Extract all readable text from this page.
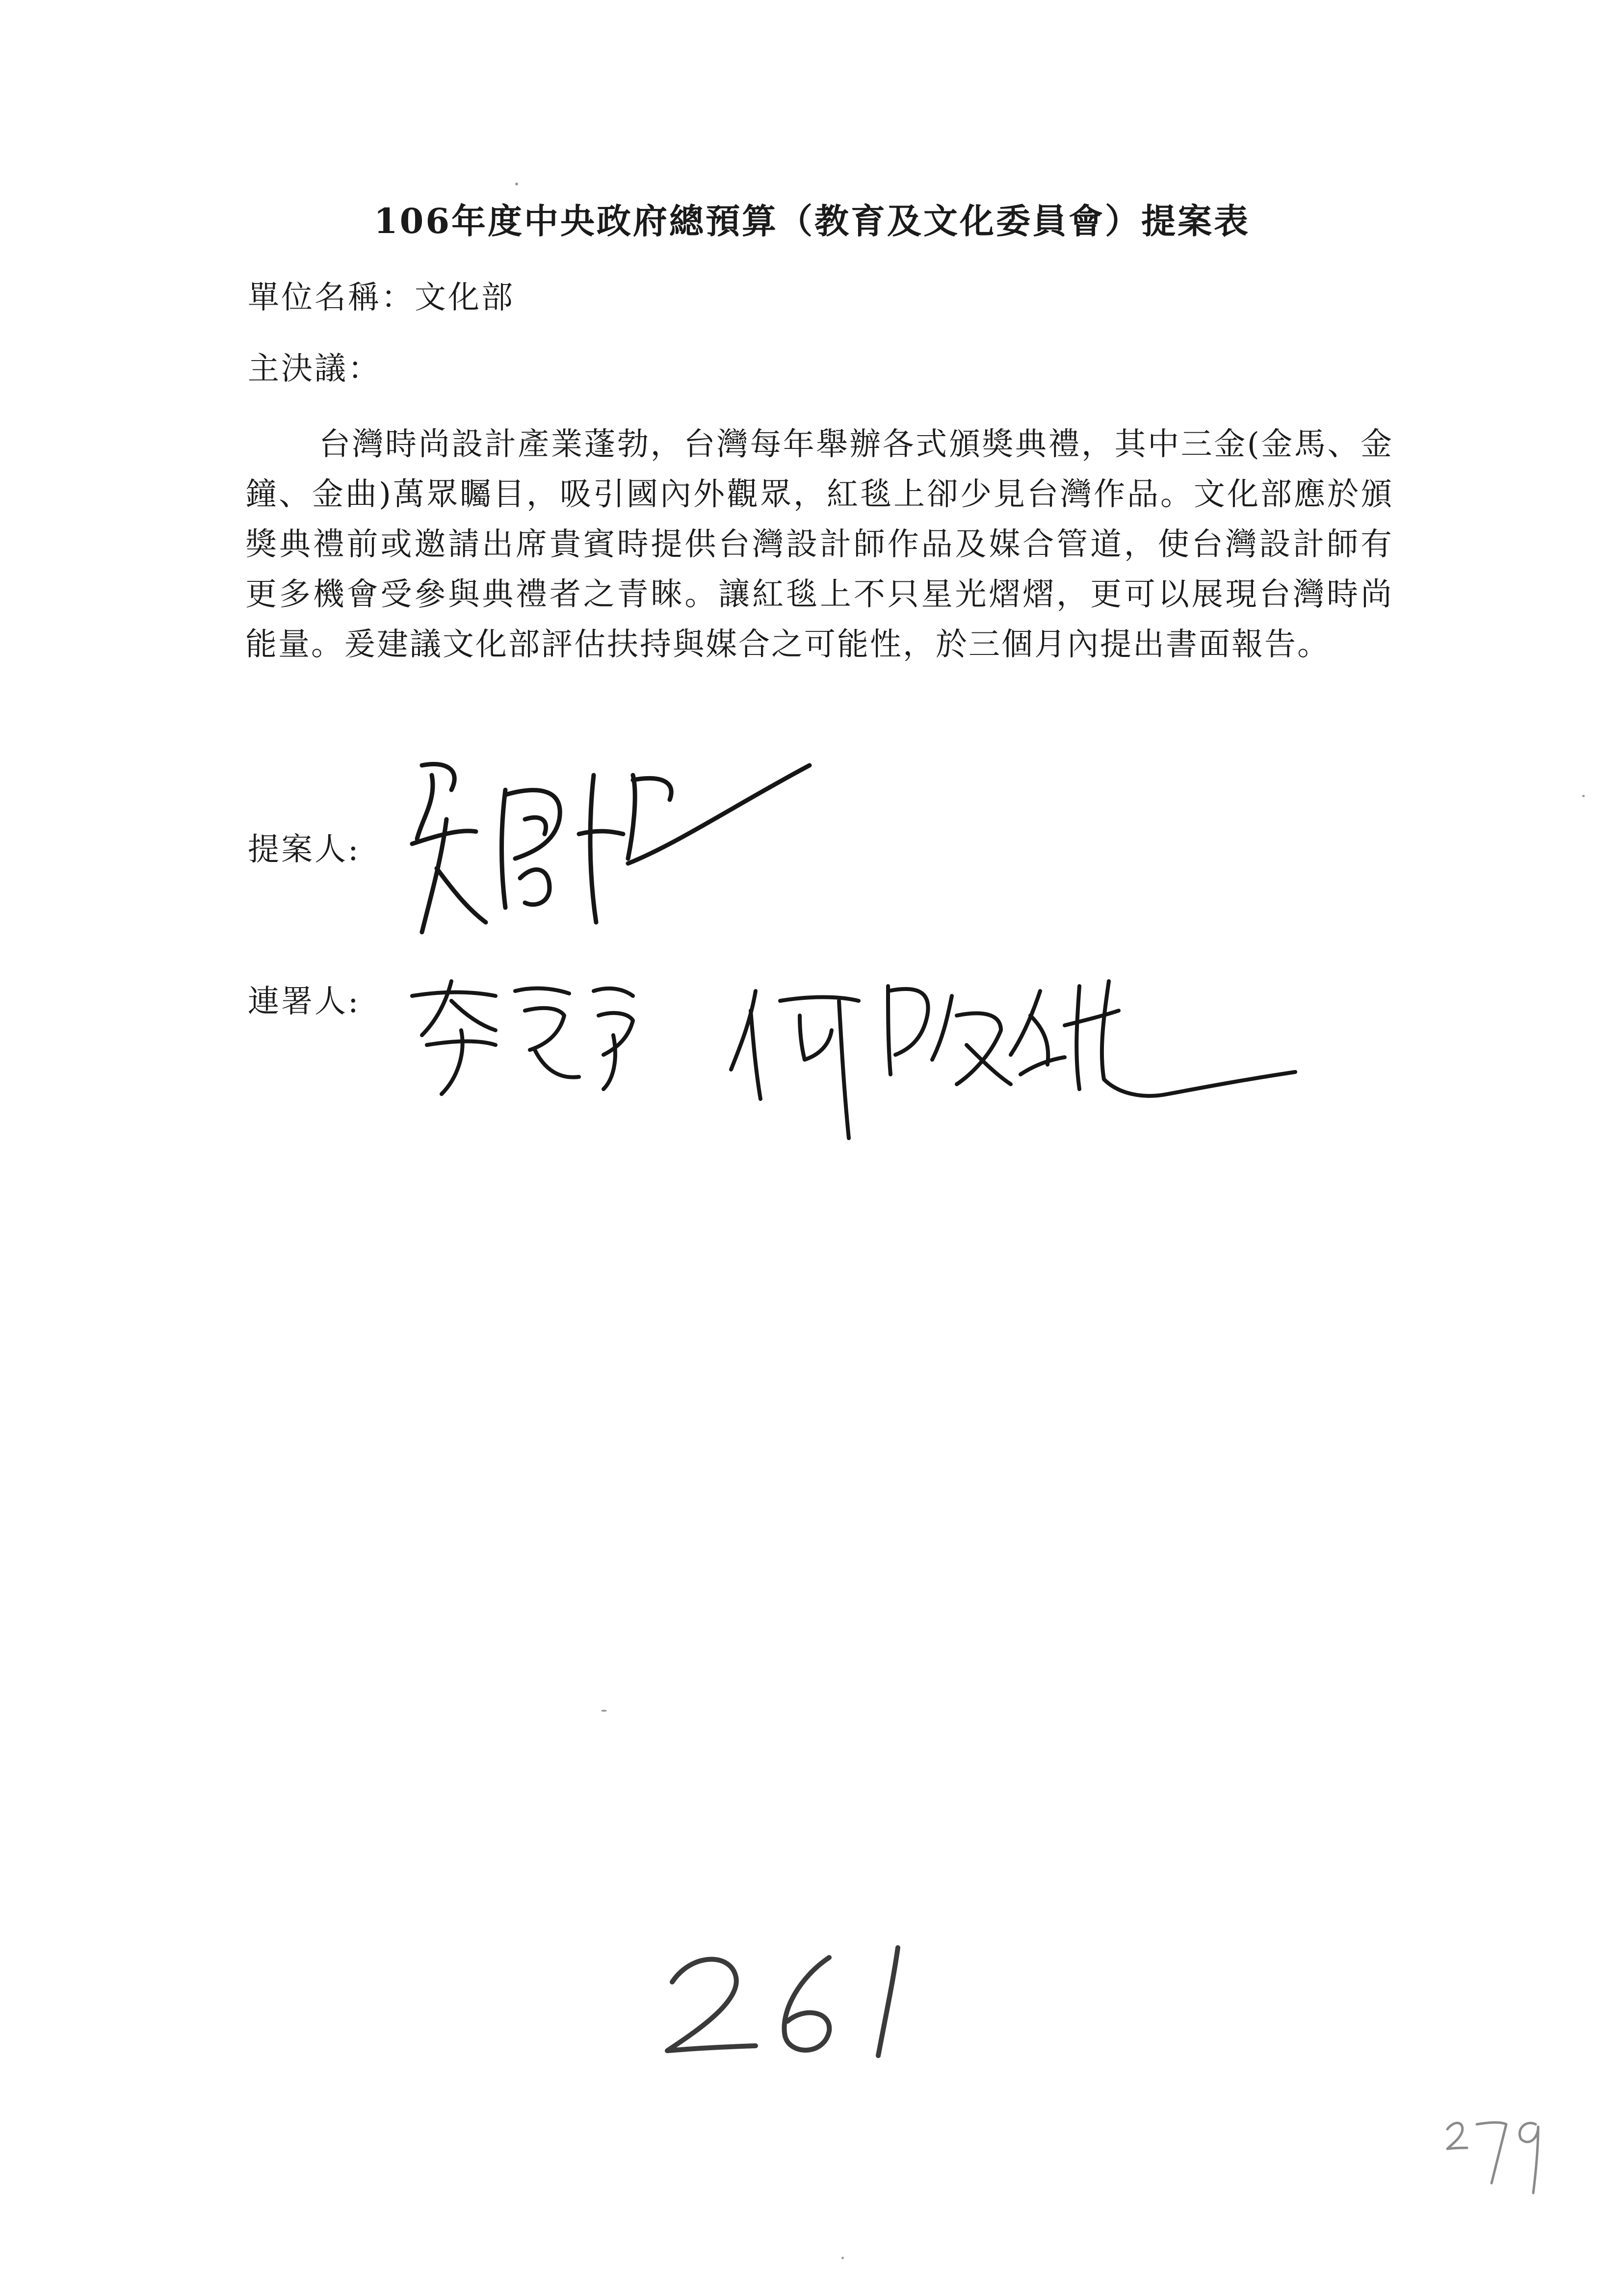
106年度中央政府總預算（教育及文化委員會）提案表
單位名稱：文化部
主決議：
台灣時尚設計產業蓬勃，台灣每年舉辦各式頒獎典禮，其中三金(金馬、金鐘、金曲)萬眾矚目，吸引國內外觀眾，紅毯上卻少見台灣作品。文化部應於頒獎典禮前或邀請出席貴賓時提供台灣設計師作品及媒合管道，使台灣設計師有更多機會受參與典禮者之青睞。讓紅毯上不只星光熠熠，更可以展現台灣時尚能量。爰建議文化部評估扶持與媒合之可能性，於三個月內提出書面報告。
提案人:
連署人:
